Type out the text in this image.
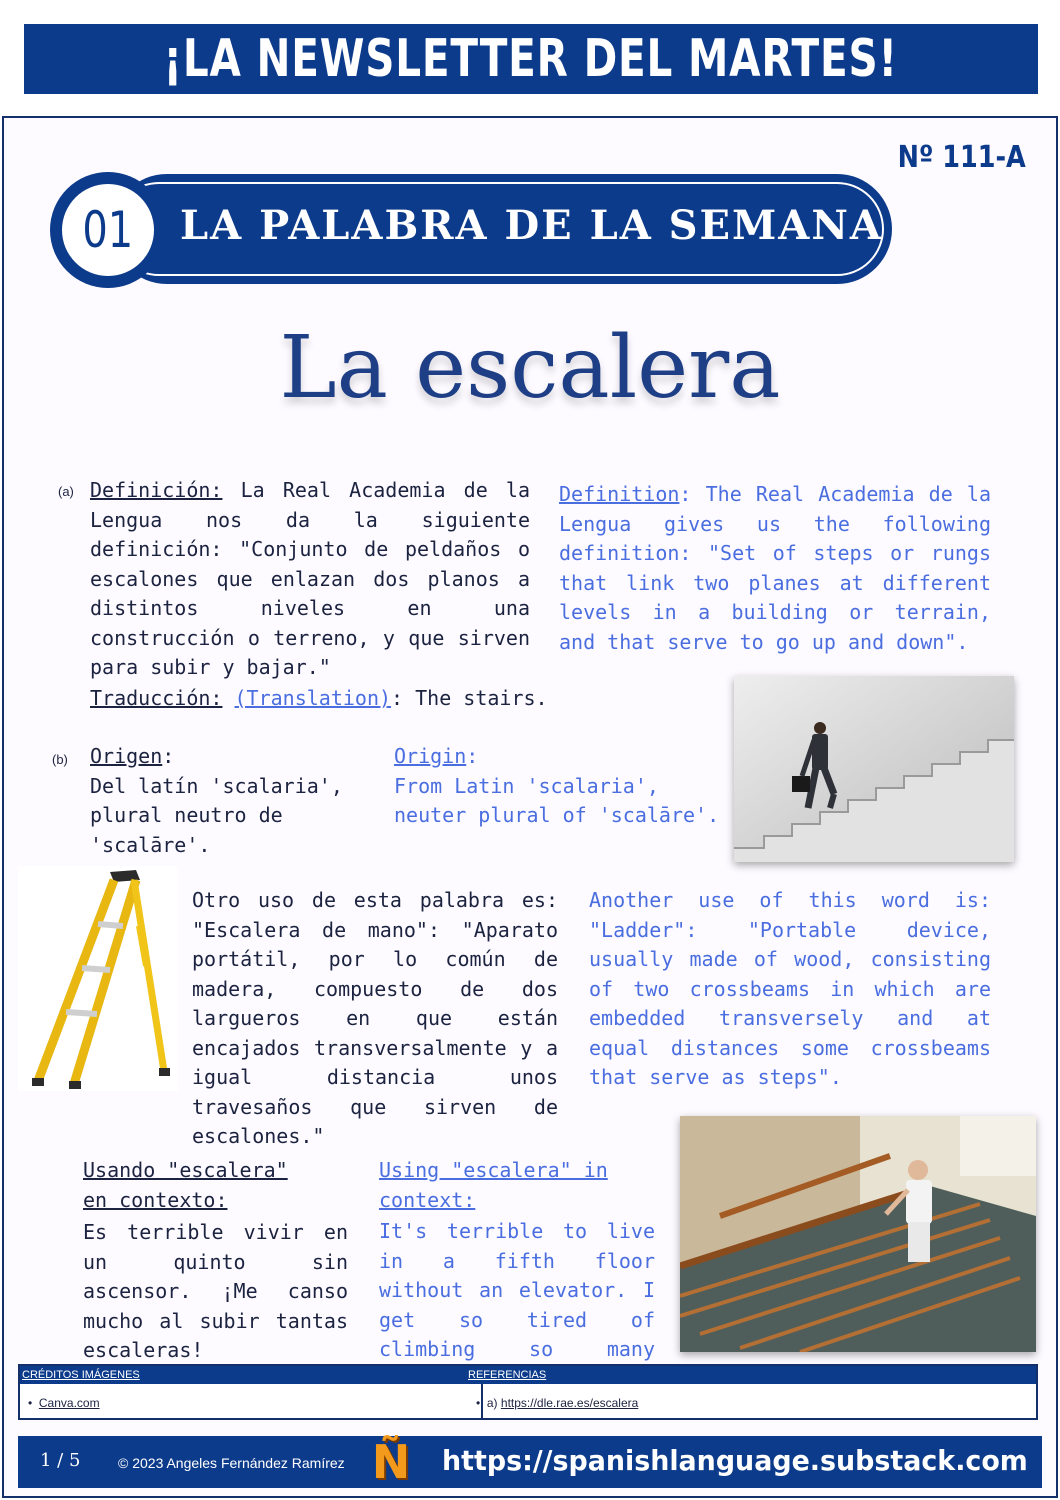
¡LA NEWSLETTER DEL MARTES!
Nº 111-A
LA PALABRA DE LA SEMANA
01
La escalera
(a) Definición: La Real Academia de la Lengua nos da la siguiente definición: "Conjunto de peldaños o escalones que enlazan dos planos a distintos niveles en una construcción o terreno, y que sirven para subir y bajar."
Definition: The Real Academia de la Lengua gives us the following definition: "Set of steps or rungs that link two planes at different levels in a building or terrain, and that serve to go up and down".
Traducción: (Translation): The stairs.
(b) Origen:
Del latín 'scalaria', plural neutro de 'scalāre'.
Origin:
From Latin 'scalaria', neuter plural of 'scalāre'.
Otro uso de esta palabra es: "Escalera de mano": "Aparato portátil, por lo común de madera, compuesto de dos largueros en que están encajados transversalmente y a igual distancia unos travesaños que sirven de escalones."
Another use of this word is: "Ladder": "Portable device, usually made of wood, consisting of two crossbeams in which are embedded transversely and at equal distances some crossbeams that serve as steps".
Usando "escalera"
en contexto:
Es terrible vivir en un quinto sin ascensor. ¡Me canso mucho al subir tantas escaleras!
Using "escalera" in context:
It's terrible to live in a fifth floor without an elevator. I get so tired of climbing so many
CRÉDITOS IMÁGENES	REFERENCIAS
•  Canva.com	•  a) https://dle.rae.es/escalera
1 / 5	© 2023 Angeles Fernández Ramírez Ñ https://spanishlanguage.substack.com
